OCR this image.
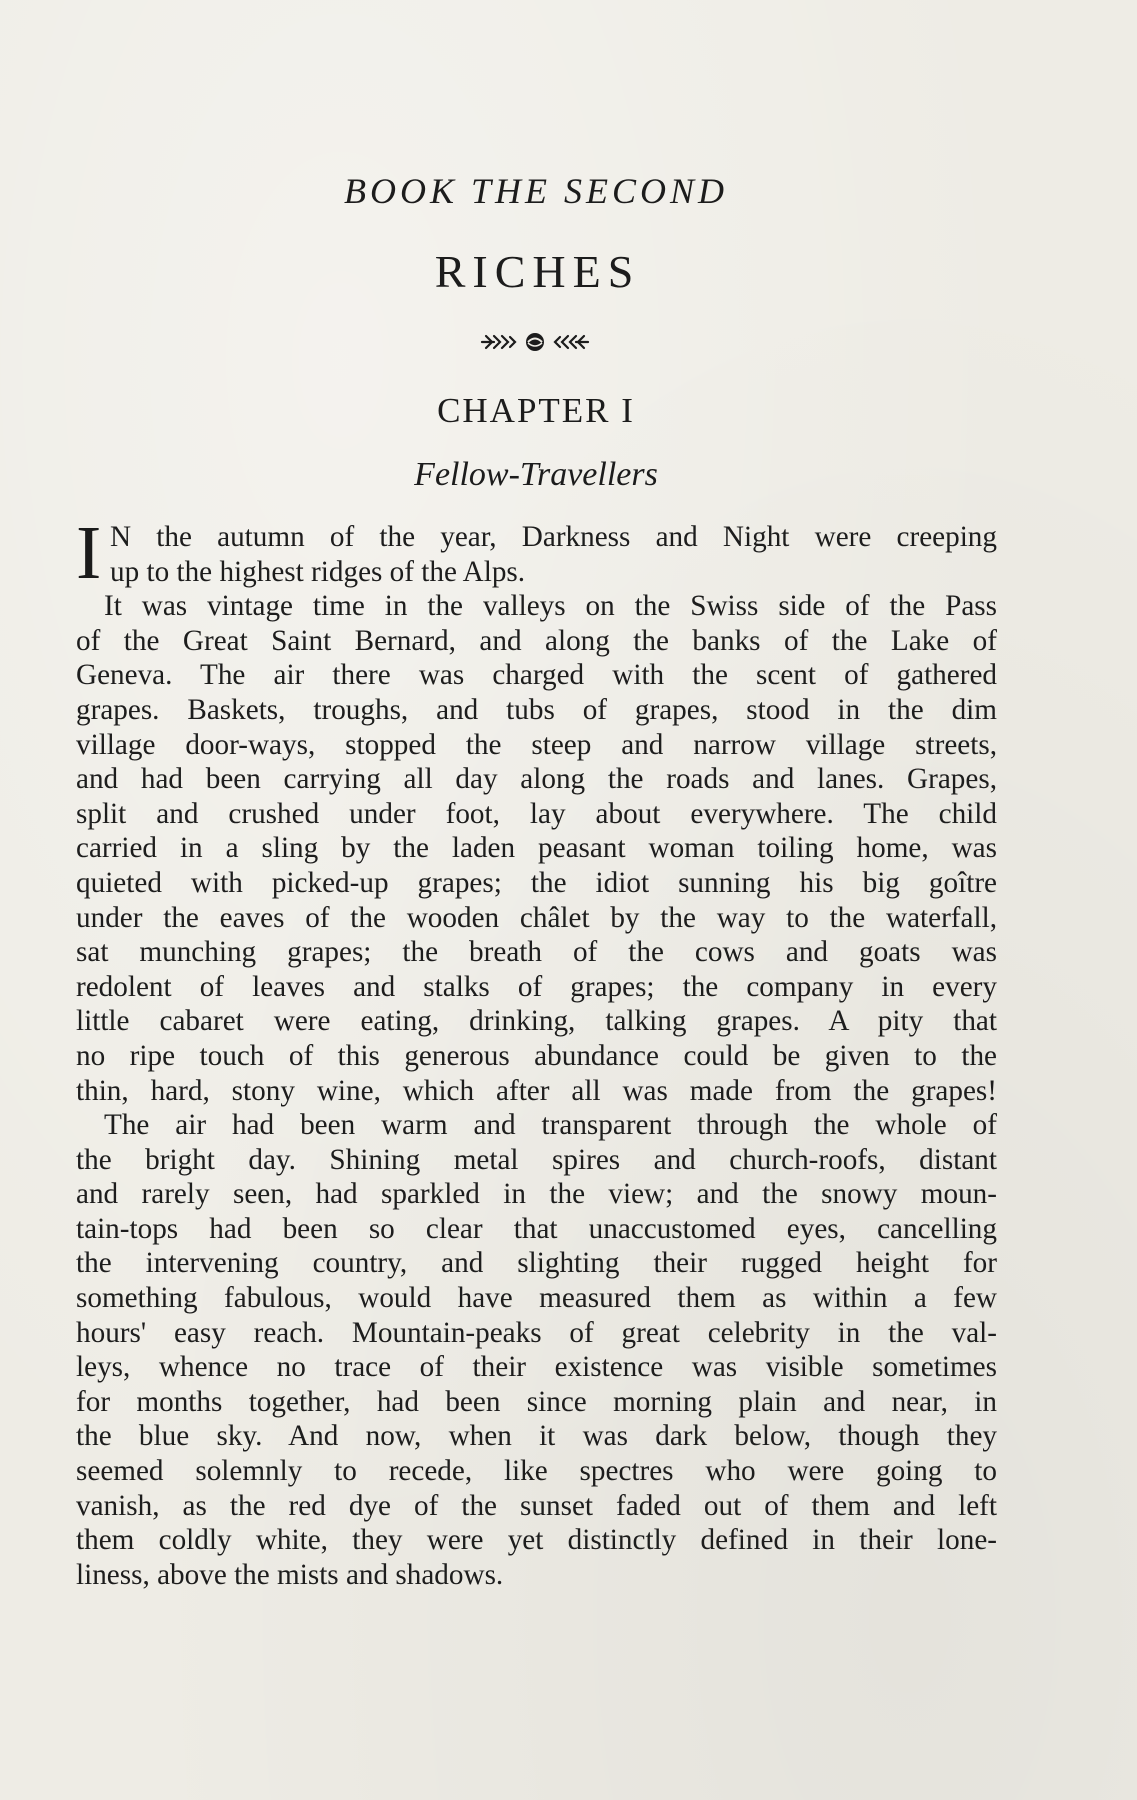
BOOK THE SECOND
RICHES
CHAPTER I
Fellow-Travellers
I N the autumn of the year, Darkness and Night were creeping
up to the highest ridges of the Alps.
It was vintage time in the valleys on the Swiss side of the Pass
of the Great Saint Bernard, and along the banks of the Lake of
Geneva. The air there was charged with the scent of gathered
grapes. Baskets, troughs, and tubs of grapes, stood in the dim
village door-ways, stopped the steep and narrow village streets,
and had been carrying all day along the roads and lanes. Grapes,
split and crushed under foot, lay about everywhere. The child
carried in a sling by the laden peasant woman toiling home, was
quieted with picked-up grapes; the idiot sunning his big goître
under the eaves of the wooden châlet by the way to the waterfall,
sat munching grapes; the breath of the cows and goats was
redolent of leaves and stalks of grapes; the company in every
little cabaret were eating, drinking, talking grapes. A pity that
no ripe touch of this generous abundance could be given to the
thin, hard, stony wine, which after all was made from the grapes!
The air had been warm and transparent through the whole of
the bright day. Shining metal spires and church-roofs, distant
and rarely seen, had sparkled in the view; and the snowy moun-
tain-tops had been so clear that unaccustomed eyes, cancelling
the intervening country, and slighting their rugged height for
something fabulous, would have measured them as within a few
hours' easy reach. Mountain-peaks of great celebrity in the val-
leys, whence no trace of their existence was visible sometimes
for months together, had been since morning plain and near, in
the blue sky. And now, when it was dark below, though they
seemed solemnly to recede, like spectres who were going to
vanish, as the red dye of the sunset faded out of them and left
them coldly white, they were yet distinctly defined in their lone-
liness, above the mists and shadows.
